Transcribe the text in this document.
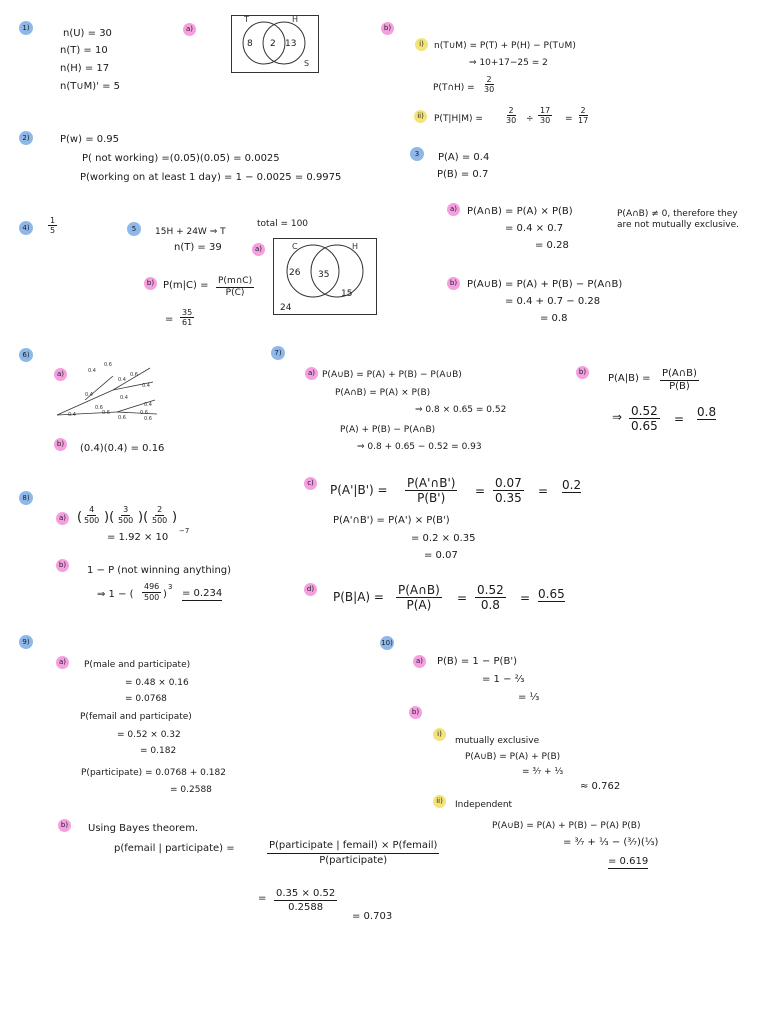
1)
n(U) = 30
n(T) = 10
n(H) = 17
n(T∪M)' = 5
a)
T	H
S
8 2 13
b)
i)	n(T∪M) = P(T) + P(H) − P(T∪M)
⇒ 10+17−25 = 2
P(T∩H) = $\frac{2}{30}$
ii)	P(T|H|M) =	$\frac{2}{30} \div \frac{17}{30} = \frac{2}{17}$
2)	P(w) = 0.95
P( not working) =(0.05)(0.05) = 0.0025
P(working on at least 1 day) = 1 − 0.0025 = 0.9975
3	P(A) = 0.4
P(B) = 0.7
a) P(A∩B) = P(A) × P(B)
= 0.4 × 0.7
= 0.28
P(A∩B) ≠ 0, therefore they
are not mutually exclusive.
b) P(A∪B) = P(A) + P(B) − P(A∩B)
= 0.4 + 0.7 − 0.28
= 0.8
4)	$\frac{1}{5}$	5	15H + 24W ⇒ T
total = 100
n(T) = 39	a)	C	H
26 35
15
24
b) $P(m|C) = \frac{P(m\cap C)}{P(C)}$
= $\frac{35}{61}$
6)
a)	0.4
0.6
0.4
0.6
0.4
0.6
0.4
0.6
0.4	0.6
0.4
0.6
0.4
0.6
b) (0.4)(0.4) = 0.16
7)
a) P(A∪B) = P(A) + P(B) − P(A∪B)
P(A∩B) = P(A) × P(B)
⇒ 0.8 × 0.65 = 0.52
P(A) + P(B) − P(A∩B)
⇒ 0.8 + 0.65 − 0.52 = 0.93
b)
$P(A|B) = \frac{P(A\cap B)}{P(B)}$
⇒ $\frac{0.52}{0.65} = 0.8$
c) $P(A'|B') = \frac{P(A'\cap B')}{P(B')} = \frac{0.07}{0.35} = 0.2$
P(A'∩B') = P(A') × P(B')
= 0.2 × 0.35
= 0.07
d)
$P(B|A) = \frac{P(A\cap B)}{P(A)} = \frac{0.52}{0.8} = 0.65$
8)
a) ( $\frac{4}{500}$ )( $\frac{3}{500}$ )( $\frac{2}{500}$ )
= 1.92 × 10
−7
b) 1 − P (not winning anything)
⇒ 1 − ( $\frac{496}{500}$ )
3
= 0.234
9)
a)	P(male and participate)
= 0.48 × 0.16
= 0.0768
P(femail and participate)
= 0.52 × 0.32
= 0.182
P(participate) = 0.0768 + 0.182
= 0.2588
b) Using Bayes theorem.
p(femail | participate) =	P(participate | femail) × P(femail)
P(participate)
= $\frac{0.35 \times 0.52}{0.2588}$
= 0.703
10)
a) P(B) = 1 − P(B')
= 1 − ²⁄₃
= ¹⁄₃
b)
i)
mutually exclusive
P(A∪B) = P(A) + P(B)
= ³⁄₇ + ¹⁄₃
≈ 0.762
ii)	Independent
P(A∪B) = P(A) + P(B) − P(A) P(B)
= ³⁄₇ + ¹⁄₃ − (³⁄₇)(¹⁄₃)
= 0.619
